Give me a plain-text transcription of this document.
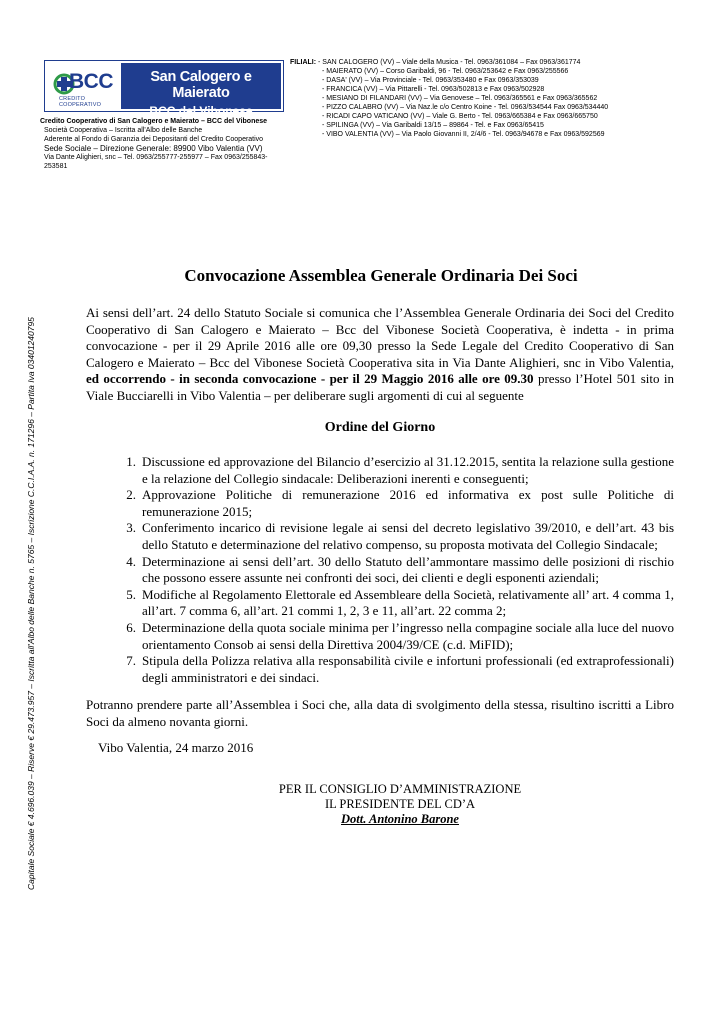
BCC
CREDITO COOPERATIVO
San Calogero e Maierato
BCC del Vibonese
Credito Cooperativo di San Calogero e Maierato – BCC del Vibonese
Società Cooperativa – Iscritta all'Albo delle Banche
Aderente al Fondo di Garanzia dei Depositanti del Credito Cooperativo
Sede Sociale – Direzione Generale: 89900 Vibo Valentia (VV)
Via Dante Alighieri, snc – Tel. 0963/255777-255977 – Fax 0963/255843-
253581
FILIALI: - SAN CALOGERO (VV) – Viale della Musica - Tel. 0963/361084 – Fax 0963/361774
- MAIERATO (VV) – Corso Garibaldi, 96 - Tel. 0963/253642 e Fax 0963/255566
- DASA' (VV) – Via Provinciale - Tel. 0963/353480 e Fax 0963/353039
- FRANCICA (VV) – Via Pittarelli - Tel. 0963/502813 e Fax 0963/502928
- MESIANO DI FILANDARI (VV) – Via Genovese – Tel. 0963/365561 e Fax 0963/365562
- PIZZO CALABRO (VV) – Via Naz.le c/o Centro Koine - Tel. 0963/534544 Fax 0963/534440
- RICADI CAPO VATICANO (VV) – Viale G. Berto - Tel. 0963/665384 e Fax 0963/665750
- SPILINGA (VV) – Via Garibaldi 13/15 – 89864 - Tel. e Fax 0963/65415
- VIBO VALENTIA (VV) – Via Paolo Giovanni II, 2/4/6 - Tel. 0963/94678 e Fax 0963/592569
Capitale Sociale € 4.696.039 – Riserve € 29.473.957 – Iscritta all'Albo delle Banche n. 5765 – Iscrizione C.C.I.A.A. n. 171296 – Partita Iva 03401240795
Convocazione Assemblea Generale Ordinaria Dei Soci
Ai sensi dell’art. 24 dello Statuto Sociale si comunica che l’Assemblea Generale Ordinaria dei Soci del Credito Cooperativo di San Calogero e Maierato – Bcc del Vibonese Società Cooperativa, è indetta - in prima convocazione - per il 29 Aprile 2016 alle ore 09,30 presso la Sede Legale del Credito Cooperativo di San Calogero e Maierato – Bcc del Vibonese Società Cooperativa sita in Via Dante Alighieri, snc in Vibo Valentia, ed occorrendo - in seconda convocazione - per il 29 Maggio 2016 alle ore 09.30 presso l’Hotel 501 sito in Viale Bucciarelli in Vibo Valentia – per deliberare sugli argomenti di cui al seguente
Ordine del Giorno
1. Discussione ed approvazione del Bilancio d’esercizio al 31.12.2015, sentita la relazione sulla gestione e la relazione del Collegio sindacale: Deliberazioni inerenti e conseguenti;
2. Approvazione Politiche di remunerazione 2016 ed informativa ex post sulle Politiche di remunerazione 2015;
3. Conferimento incarico di revisione legale ai sensi del decreto legislativo 39/2010, e dell’art. 43 bis dello Statuto e determinazione del relativo compenso, su proposta motivata del Collegio Sindacale;
4. Determinazione ai sensi dell’art. 30 dello Statuto dell’ammontare massimo delle posizioni di rischio che possono essere assunte nei confronti dei soci, dei clienti e degli esponenti aziendali;
5. Modifiche al Regolamento Elettorale ed Assembleare della Società, relativamente all’ art. 4 comma 1, all’art. 7 comma 6, all’art. 21 commi 1, 2, 3 e 11, all’art. 22 comma 2;
6. Determinazione della quota sociale minima per l’ingresso nella compagine sociale alla luce del nuovo orientamento Consob ai sensi della Direttiva 2004/39/CE (c.d. MiFID);
7. Stipula della Polizza relativa alla responsabilità civile e infortuni professionali (ed extraprofessionali) degli amministratori e dei sindaci.
Potranno prendere parte all’Assemblea i Soci che, alla data di svolgimento della stessa, risultino iscritti a Libro Soci da almeno novanta giorni.
Vibo Valentia, 24 marzo 2016
PER IL CONSIGLIO D’AMMINISTRAZIONE
IL PRESIDENTE DEL CD’A
Dott. Antonino Barone
